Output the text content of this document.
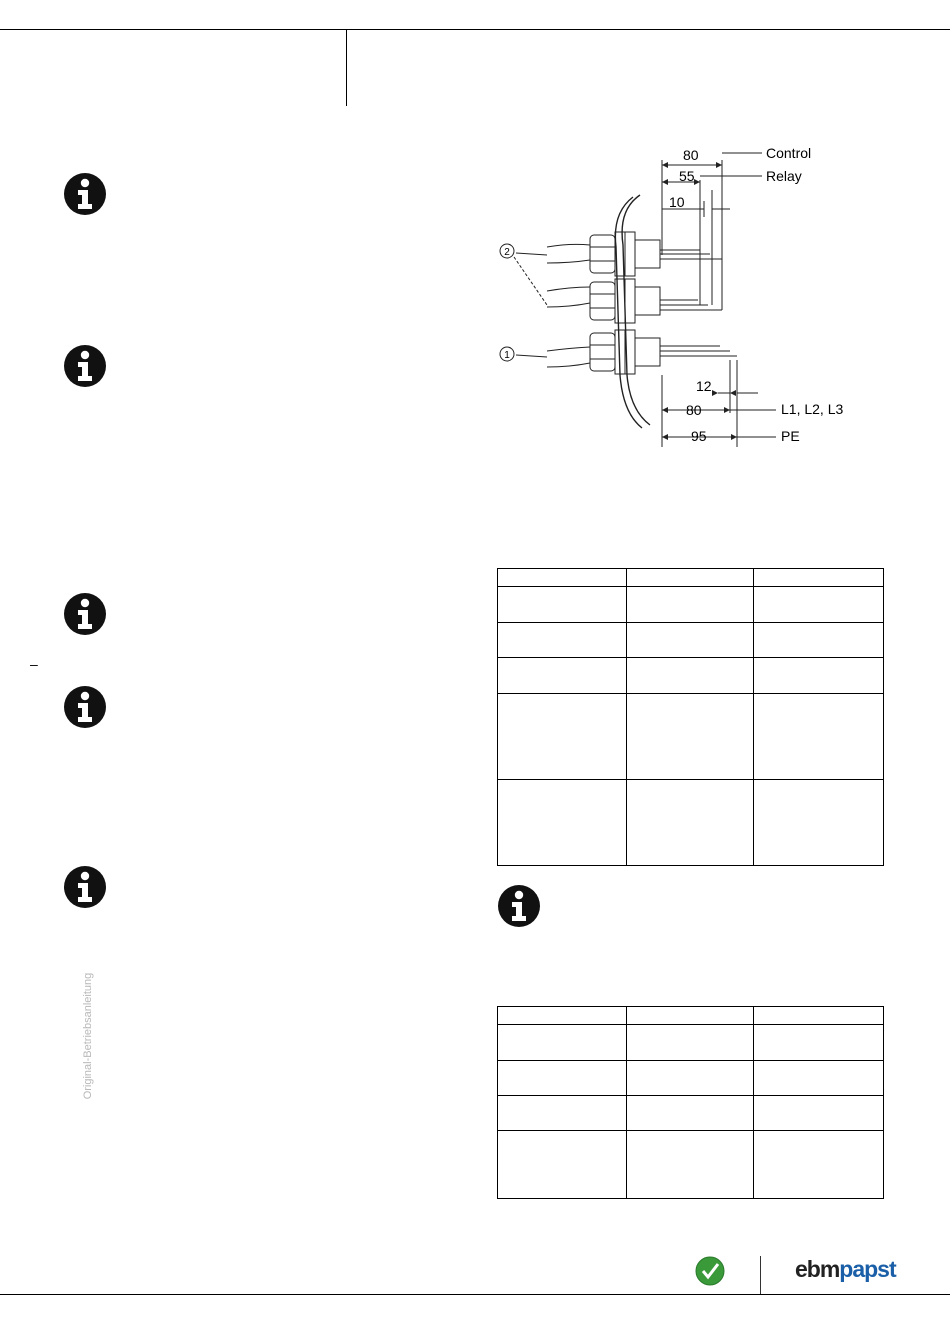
–
Original-Betriebsanleitung
2
1
80
55
10
Control
Relay
12
80
95
L1, L2, L3
PE

ebmpapst
